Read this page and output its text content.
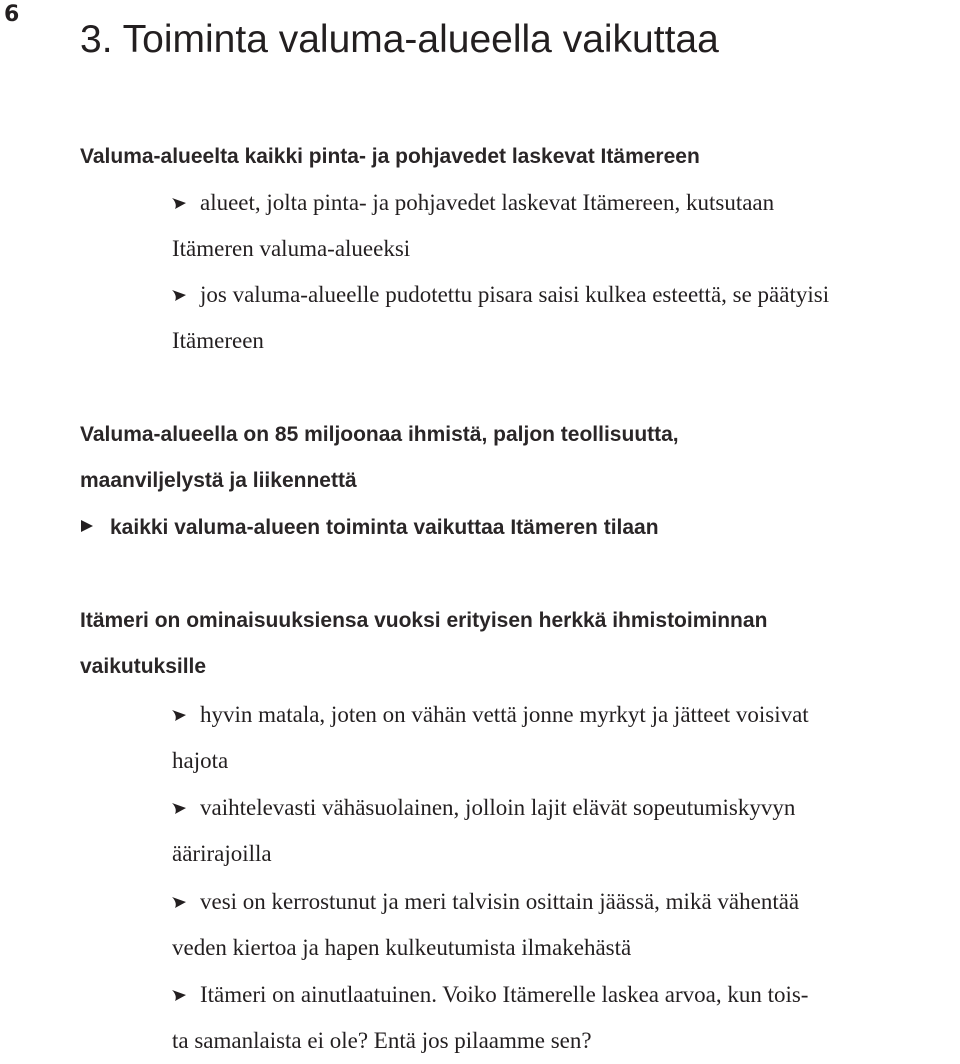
6
3. Toiminta valuma-alueella vaikuttaa
Valuma-alueelta kaikki pinta- ja pohjavedet laskevat Itämereen

alueet, jolta pinta- ja pohjavedet laskevat Itämereen, kutsutaan
Itämeren valuma-alueeksi

jos valuma-alueelle pudotettu pisara saisi kulkea esteettä, se päätyisi
Itämereen

Valuma-alueella on 85 miljoonaa ihmistä, paljon teollisuutta,
maanviljelystä ja liikennettä

kaikki valuma-alueen toiminta vaikuttaa Itämeren tilaan

Itämeri on ominaisuuksiensa vuoksi erityisen herkkä ihmistoiminnan
vaikutuksille

hyvin matala, joten on vähän vettä jonne myrkyt ja jätteet voisivat
hajota

vaihtelevasti vähäsuolainen, jolloin lajit elävät sopeutumiskyvyn
äärirajoilla

vesi on kerrostunut ja meri talvisin osittain jäässä, mikä vähentää
veden kiertoa ja hapen kulkeutumista ilmakehästä

Itämeri on ainutlaatuinen. Voiko Itämerelle laskea arvoa, kun tois-
ta samanlaista ei ole? Entä jos pilaamme sen?
